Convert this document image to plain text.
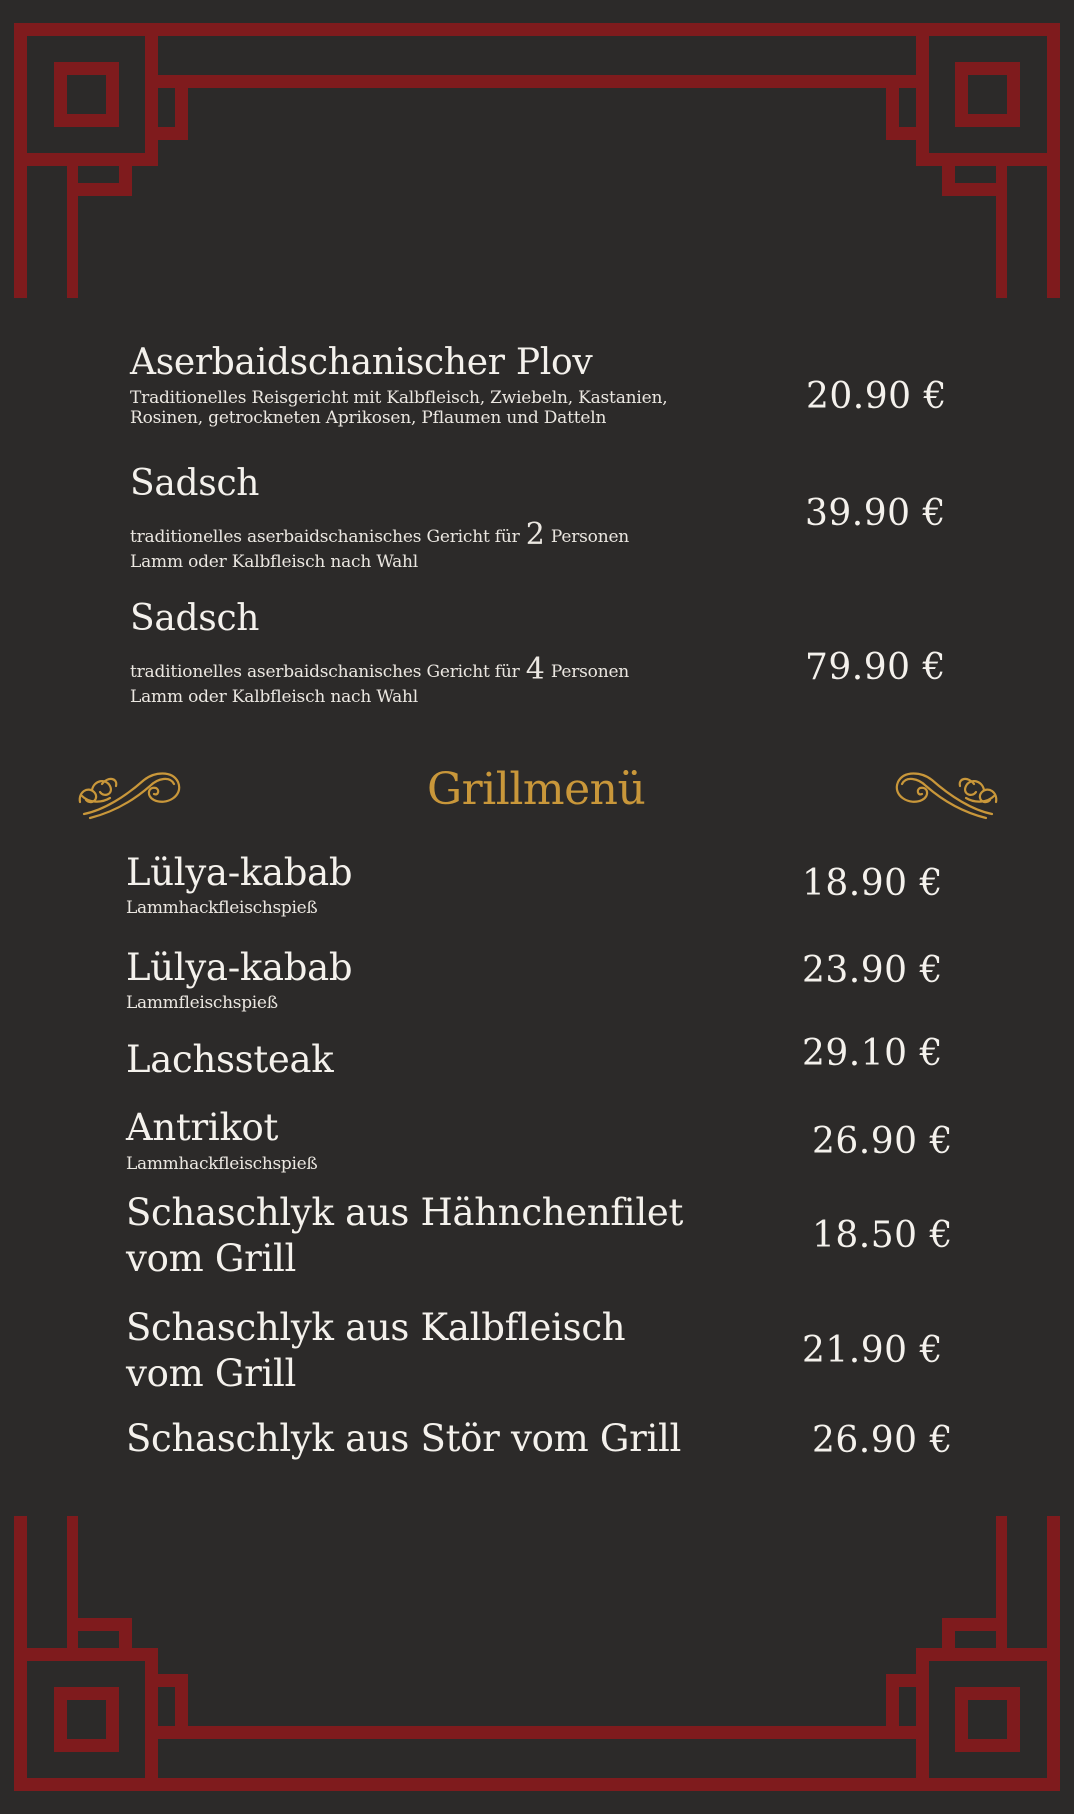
Aserbaidschanischer Plov
Traditionelles Reisgericht mit Kalbfleisch, Zwiebeln, Kastanien,
Rosinen, getrockneten Aprikosen, Pflaumen und Datteln
20.90 €
Sadsch
traditionelles aserbaidschanisches Gericht für 2 Personen
Lamm oder Kalbfleisch nach Wahl
39.90 €
Sadsch
traditionelles aserbaidschanisches Gericht für 4 Personen
Lamm oder Kalbfleisch nach Wahl
79.90 €
Grillmenü
Lülya-kabab
Lammhackfleischspieß
18.90 €
Lülya-kabab
Lammfleischspieß
23.90 €
Lachssteak	29.10 €
Antrikot
Lammhackfleischspieß
26.90 €
Schaschlyk aus Hähnchenfilet
vom Grill
18.50 €
Schaschlyk aus Kalbfleisch
vom Grill
21.90 €
Schaschlyk aus Stör vom Grill	26.90 €
